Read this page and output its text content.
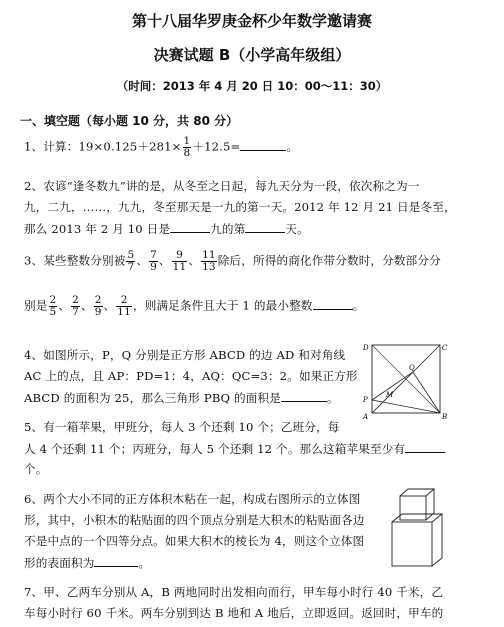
第十八届华罗庚金杯少年数学邀请赛
决赛试题 B（小学高年级组）
（时间：2013 年 4 月 20 日 10：00～11：30）
一、填空题（每小题 10 分，共 80 分）
1、计算：$19\times 0.125+281\times \frac{1}{8} +12.5=$	。
2、农谚“逢冬数九”讲的是，从冬至之日起，每九天分为一段，依次称之为一
九，二九，……，九九，冬至那天是一九的第一天。2012 年 12 月 21 日是冬至，
那么 2013 年 2 月 10 日是	九的第	天。
3、某些整数分别被 $\frac{5}{7}$ 、 $\frac{7}{9}$ 、 $\frac{9}{11}$ 、 $\frac{11}{13}$ 除后，所得的商化作带分数时，分数部分分
别是 $\frac{2}{5}$ 、 $\frac{2}{7}$ 、 $\frac{2}{9}$ 、 $\frac{2}{11}$ ，则满足条件且大于 1 的最小整数	。
4、如图所示，P，Q 分别是正方形 ABCD 的边 AD 和对角线
AC 上的点，且 AP：PD=1：4，AQ：QC=3：2。如果正方形
ABCD 的面积为 25，那么三角形 PBQ 的面积是	。
D	C
A	B
P
Q
M
5、有一箱苹果，甲班分，每人 3 个还剩 10 个；乙班分，每
人 4 个还剩 11 个；丙班分，每人 5 个还剩 12 个。那么这箱苹果至少有
个。
6、两个大小不同的正方体积木粘在一起，构成右图所示的立体图
形，其中，小积木的粘贴面的四个顶点分别是大积木的粘贴面各边
不是中点的一个四等分点。如果大积木的棱长为 4，则这个立体图
形的表面积为	。
7、甲、乙两车分别从 A，B 两地同时出发相向而行，甲车每小时行 40 千米，乙
车每小时行 60 千米。两车分别到达 B 地和 A 地后，立即返回。返回时，甲车的
